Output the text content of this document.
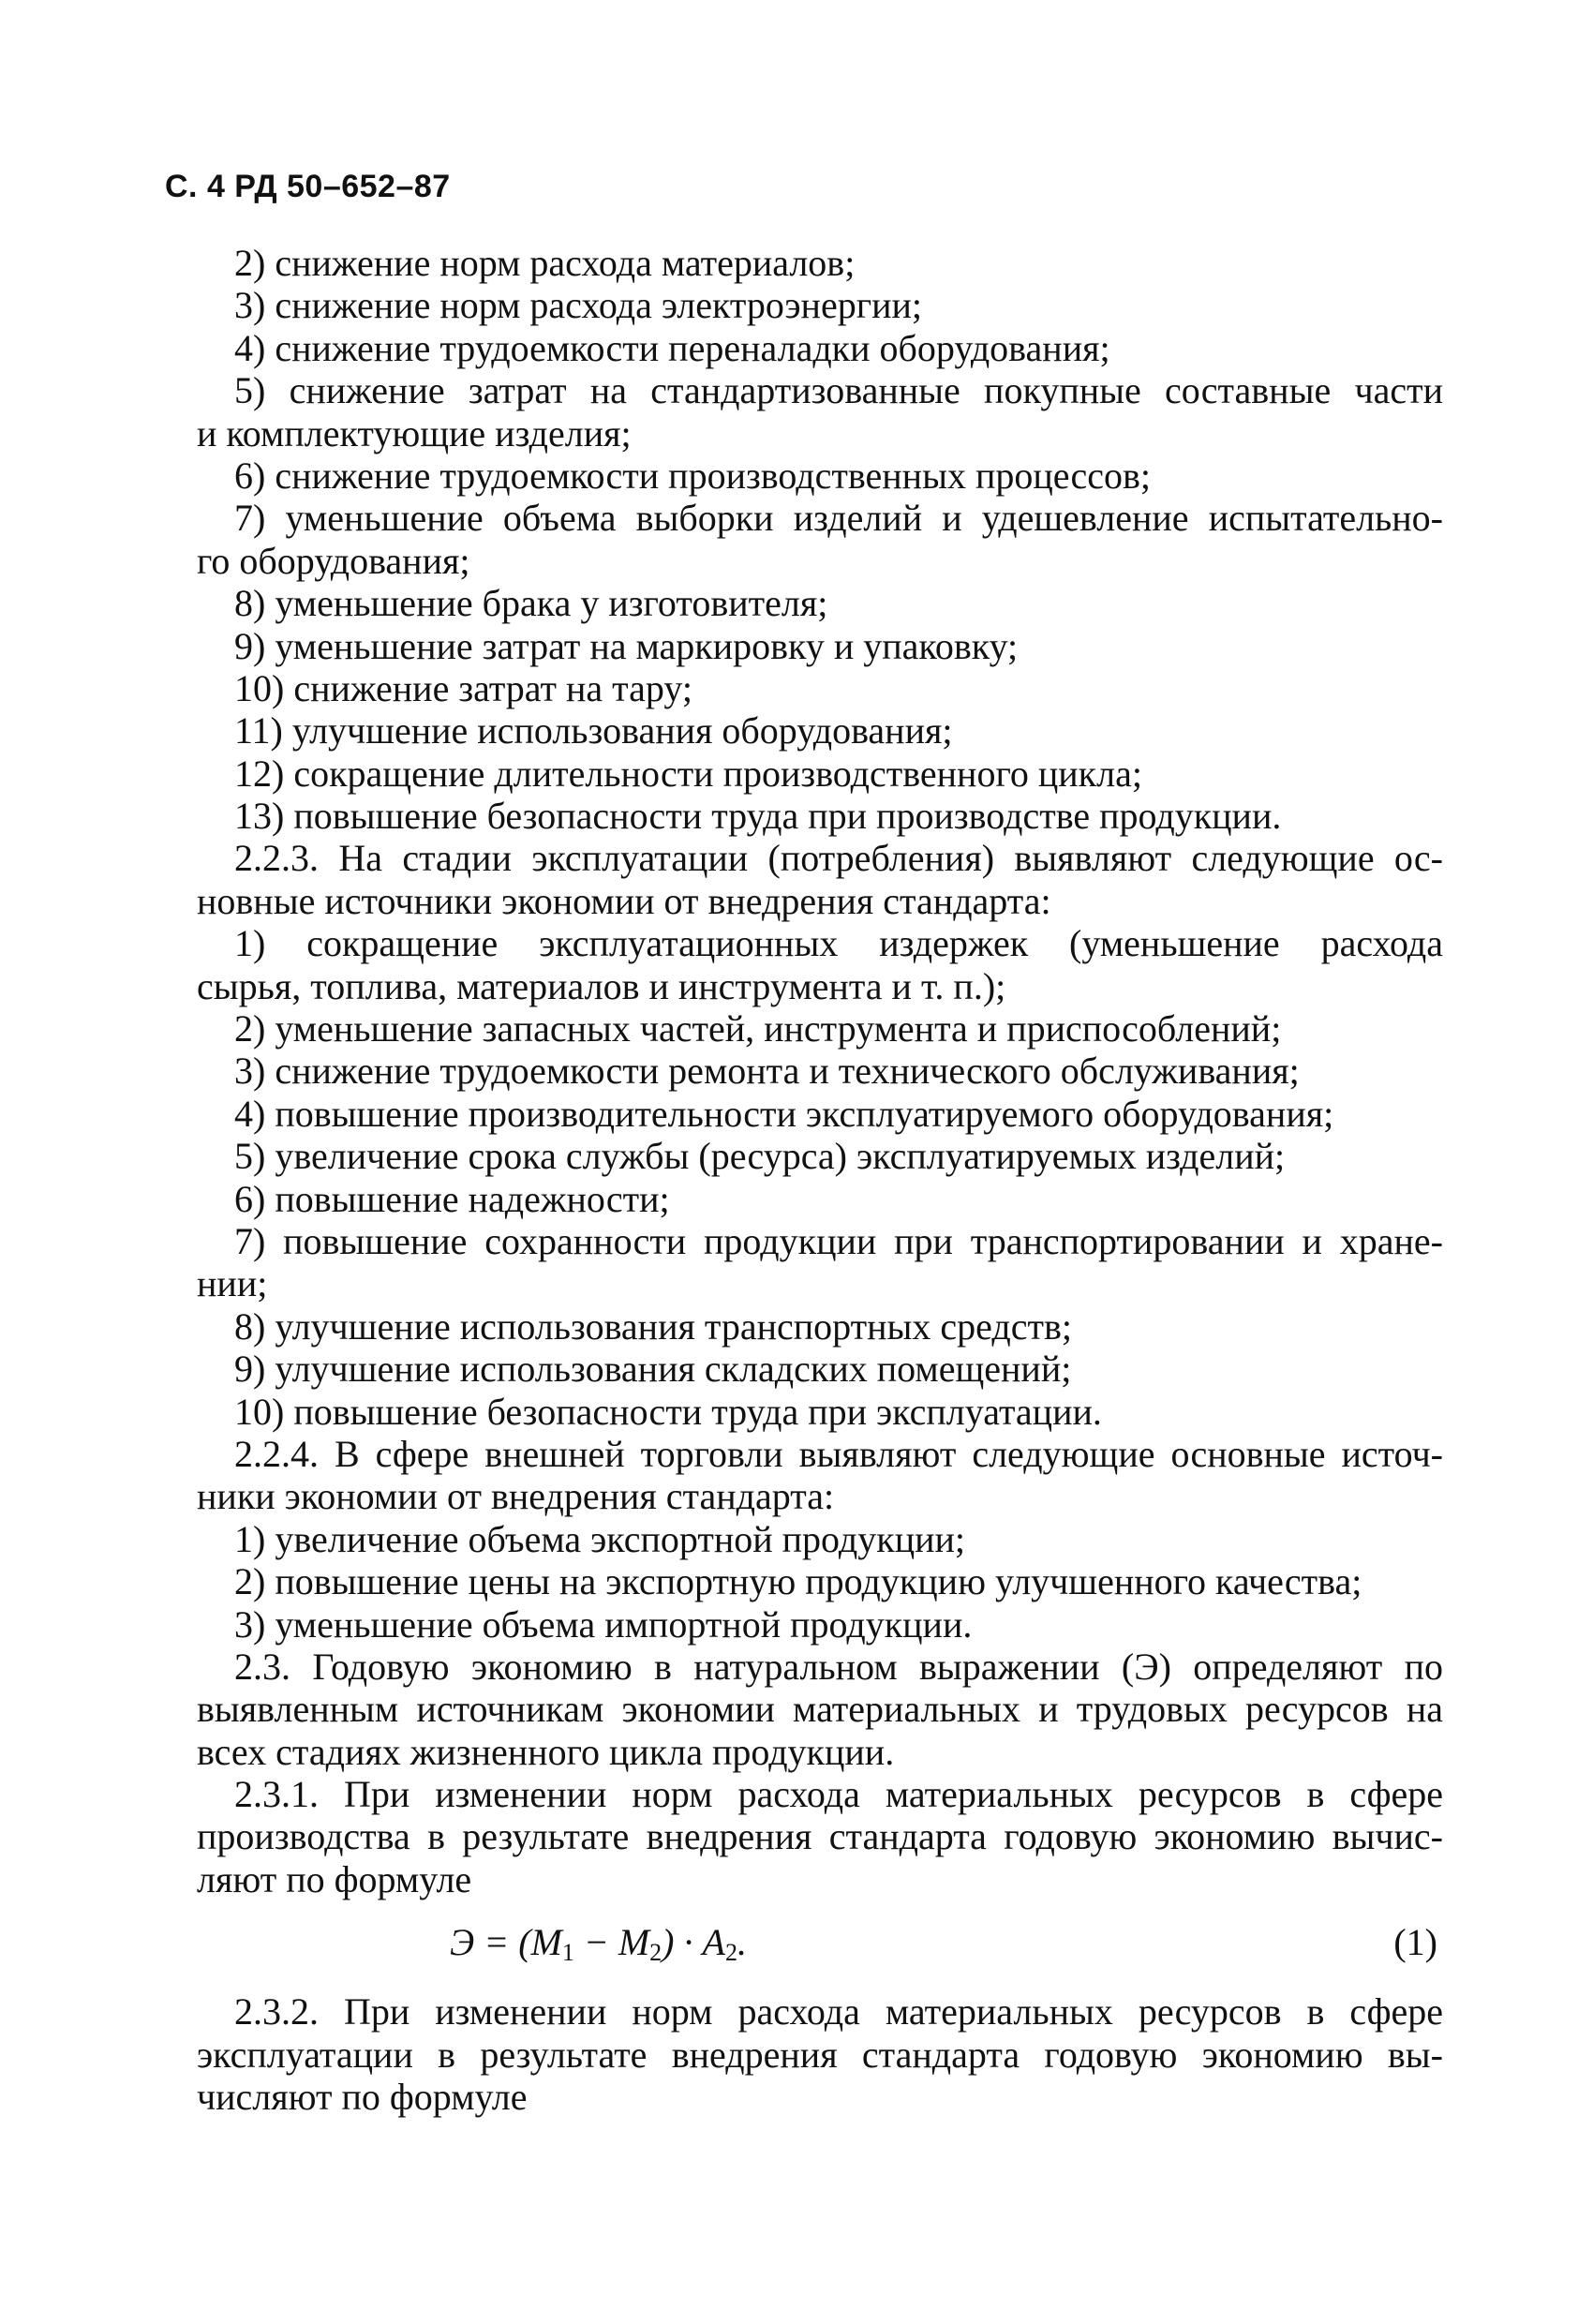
С. 4 РД 50–652–87
2) снижение норм расхода материалов;
3) снижение норм расхода электроэнергии;
4) снижение трудоемкости переналадки оборудования;
5) снижение затрат на стандартизованные покупные составные части
и комплектующие изделия;
6) снижение трудоемкости производственных процессов;
7) уменьшение объема выборки изделий и удешевление испытательно-
го оборудования;
8) уменьшение брака у изготовителя;
9) уменьшение затрат на маркировку и упаковку;
10) снижение затрат на тару;
11) улучшение использования оборудования;
12) сокращение длительности производственного цикла;
13) повышение безопасности труда при производстве продукции.
2.2.3. На стадии эксплуатации (потребления) выявляют следующие ос-
новные источники экономии от внедрения стандарта:
1) сокращение эксплуатационных издержек (уменьшение расхода
сырья, топлива, материалов и инструмента и т. п.);
2) уменьшение запасных частей, инструмента и приспособлений;
3) снижение трудоемкости ремонта и технического обслуживания;
4) повышение производительности эксплуатируемого оборудования;
5) увеличение срока службы (ресурса) эксплуатируемых изделий;
6) повышение надежности;
7) повышение сохранности продукции при транспортировании и хране-
нии;
8) улучшение использования транспортных средств;
9) улучшение использования складских помещений;
10) повышение безопасности труда при эксплуатации.
2.2.4. В сфере внешней торговли выявляют следующие основные источ-
ники экономии от внедрения стандарта:
1) увеличение объема экспортной продукции;
2) повышение цены на экспортную продукцию улучшенного качества;
3) уменьшение объема импортной продукции.
2.3. Годовую экономию в натуральном выражении (Э) определяют по
выявленным источникам экономии материальных и трудовых ресурсов на
всех стадиях жизненного цикла продукции.
2.3.1. При изменении норм расхода материальных ресурсов в сфере
производства в результате внедрения стандарта годовую экономию вычис-
ляют по формуле
$Э = (M_1 - M_2) \cdot A_2$.	(1)
2.3.2. При изменении норм расхода материальных ресурсов в сфере
эксплуатации в результате внедрения стандарта годовую экономию вы-
числяют по формуле
